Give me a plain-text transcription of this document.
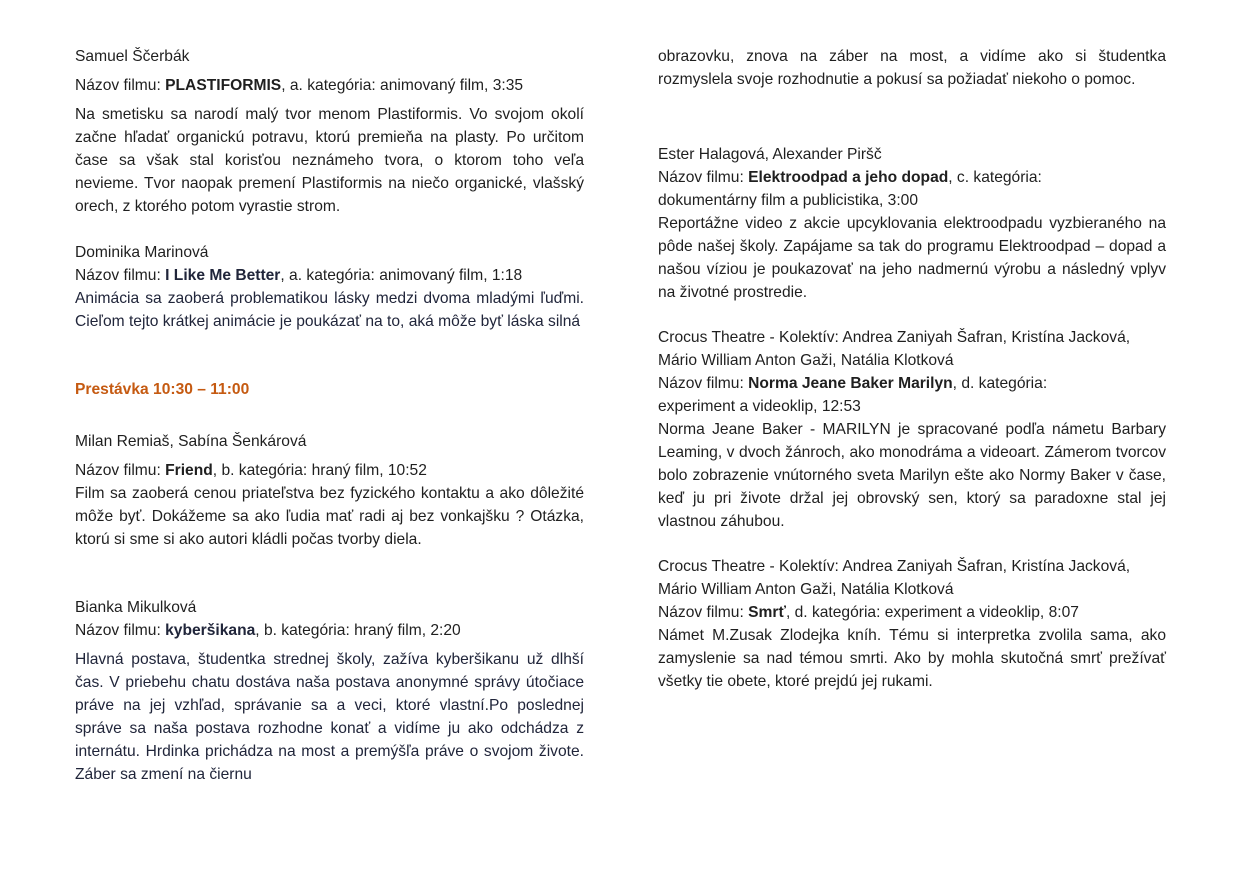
Samuel Ščerbák

Názov filmu: PLASTIFORMIS, a. kategória: animovaný film, 3:35

Na smetisku sa narodí malý tvor menom Plastiformis. Vo svojom okolí začne hľadať organickú potravu, ktorú premieňa na plasty. Po určitom čase sa však stal korisťou neznámeho tvora, o ktorom toho veľa nevieme. Tvor naopak premení Plastiformis na niečo organické, vlašský orech, z ktorého potom vyrastie strom.

Dominika Marinová

Názov filmu: I Like Me Better, a. kategória: animovaný film, 1:18

Animácia sa zaoberá problematikou lásky medzi dvoma mladými ľuďmi. Cieľom tejto krátkej animácie je poukázať na to, aká môže byť láska silná

Prestávka 10:30 – 11:00

Milan Remiaš, Sabína Šenkárová

Názov filmu: Friend, b. kategória: hraný film, 10:52

Film sa zaoberá cenou priateľstva bez fyzického kontaktu a ako dôležité môže byť. Dokážeme sa ako ľudia mať radi aj bez vonkajšku ? Otázka, ktorú si sme si ako autori kládli počas tvorby diela.

Bianka Mikulková

Názov filmu: kyberšikana, b. kategória: hraný film, 2:20

Hlavná postava, študentka strednej školy, zažíva kyberšikanu už dlhší čas. V priebehu chatu dostáva naša postava anonymné správy útočiace práve na jej vzhľad, správanie sa a veci, ktoré vlastní.Po poslednej správe sa naša postava rozhodne konať a vidíme ju ako odchádza z internátu. Hrdinka prichádza na most a premýšľa práve o svojom živote. Záber sa zmení na čiernu

obrazovku, znova na záber na most, a vidíme ako si študentka rozmyslela svoje rozhodnutie a pokusí sa požiadať niekoho o pomoc.

Ester Halagová, Alexander Piršč

Názov filmu: Elektroodpad a jeho dopad, c. kategória:

dokumentárny film a publicistika, 3:00

Reportážne video z akcie upcyklovania elektroodpadu vyzbieraného na pôde našej školy. Zapájame sa tak do programu Elektroodpad – dopad a našou víziou je poukazovať na jeho nadmernú výrobu a následný vplyv na životné prostredie.

Crocus Theatre - Kolektív: Andrea Zaniyah Šafran, Kristína Jacková, Mário William Anton Gaži, Natália Klotková

Názov filmu: Norma Jeane Baker Marilyn, d. kategória:

experiment a videoklip, 12:53

Norma Jeane Baker - MARILYN je spracované podľa námetu Barbary Leaming, v dvoch žánroch, ako monodráma a videoart. Zámerom tvorcov bolo zobrazenie vnútorného sveta Marilyn ešte ako Normy Baker v čase, keď ju pri živote držal jej obrovský sen, ktorý sa paradoxne stal jej vlastnou záhubou.

Crocus Theatre - Kolektív: Andrea Zaniyah Šafran, Kristína Jacková, Mário William Anton Gaži, Natália Klotková

Názov filmu: Smrť, d. kategória: experiment a videoklip, 8:07

Námet M.Zusak Zlodejka kníh. Tému si interpretka zvolila sama, ako zamyslenie sa nad témou smrti. Ako by mohla skutočná smrť prežívať všetky tie obete, ktoré prejdú jej rukami.
